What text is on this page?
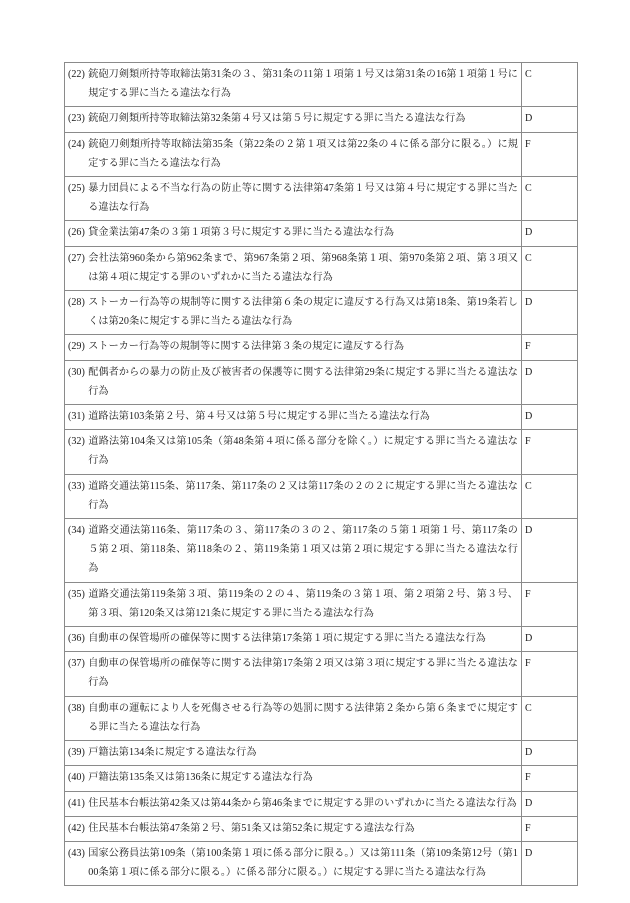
(22) 銃砲刀剣類所持等取締法第31条の３、第31条の11第１項第１号又は第31条の16第１項第１号に規定する罪に当たる違法な行為	C

(23) 銃砲刀剣類所持等取締法第32条第４号又は第５号に規定する罪に当たる違法な行為	D

(24) 銃砲刀剣類所持等取締法第35条（第22条の２第１項又は第22条の４に係る部分に限る。）に規定する罪に当たる違法な行為	F

(25) 暴力団員による不当な行為の防止等に関する法律第47条第１号又は第４号に規定する罪に当たる違法な行為	C

(26) 貸金業法第47条の３第１項第３号に規定する罪に当たる違法な行為	D

(27) 会社法第960条から第962条まで、第967条第２項、第968条第１項、第970条第２項、第３項又は第４項に規定する罪のいずれかに当たる違法な行為	C

(28) ストーカー行為等の規制等に関する法律第６条の規定に違反する行為又は第18条、第19条若しくは第20条に規定する罪に当たる違法な行為	D

(29) ストーカー行為等の規制等に関する法律第３条の規定に違反する行為	F

(30) 配偶者からの暴力の防止及び被害者の保護等に関する法律第29条に規定する罪に当たる違法な行為	D

(31) 道路法第103条第２号、第４号又は第５号に規定する罪に当たる違法な行為	D

(32) 道路法第104条又は第105条（第48条第４項に係る部分を除く。）に規定する罪に当たる違法な行為	F

(33) 道路交通法第115条、第117条、第117条の２又は第117条の２の２に規定する罪に当たる違法な行為	C

(34) 道路交通法第116条、第117条の３、第117条の３の２、第117条の５第１項第１号、第117条の５第２項、第118条、第118条の２、第119条第１項又は第２項に規定する罪に当たる違法な行為	D

(35) 道路交通法第119条第３項、第119条の２の４、第119条の３第１項、第２項第２号、第３号、第３項、第120条又は第121条に規定する罪に当たる違法な行為	F

(36) 自動車の保管場所の確保等に関する法律第17条第１項に規定する罪に当たる違法な行為	D

(37) 自動車の保管場所の確保等に関する法律第17条第２項又は第３項に規定する罪に当たる違法な行為	F

(38) 自動車の運転により人を死傷させる行為等の処罰に関する法律第２条から第６条までに規定する罪に当たる違法な行為	C

(39) 戸籍法第134条に規定する違法な行為	D

(40) 戸籍法第135条又は第136条に規定する違法な行為	F

(41) 住民基本台帳法第42条又は第44条から第46条までに規定する罪のいずれかに当たる違法な行為	D

(42) 住民基本台帳法第47条第２号、第51条又は第52条に規定する違法な行為	F

(43) 国家公務員法第109条（第100条第１項に係る部分に限る。）又は第111条（第109条第12号（第100条第１項に係る部分に限る。）に係る部分に限る。）に規定する罪に当たる違法な行為	D
